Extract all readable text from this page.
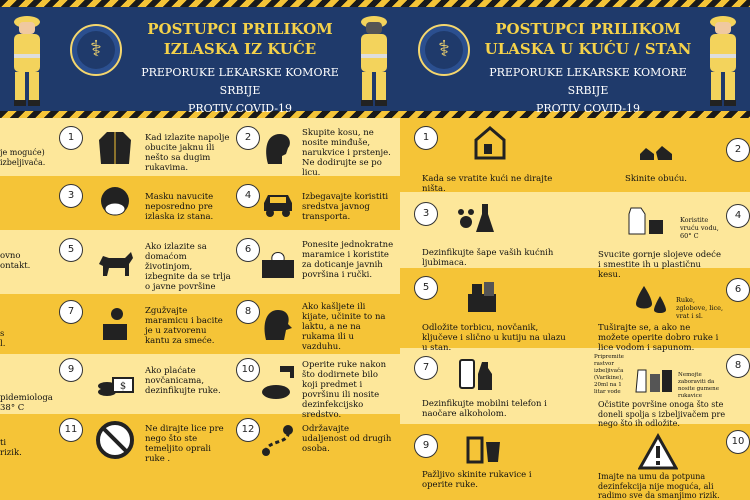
⚕
⚕
POSTUPCI PRILIKOM
IZLASKA IZ KUĆE
PREPORUKE LEKARSKE KOMORE SRBIJE
PROTIV COVID-19
POSTUPCI PRILIKOM
ULASKA U KUĆU / STAN
PREPORUKE LEKARSKE KOMORE SRBIJE
PROTIV COVID-19
je moguće)
izbeljivača.
ovno
ontakt.
s
l.
pidemiologa
38° C
ti
rizik.
1
3
5
7
9
11
$
Kad izlazite napolje obucite jaknu ili nešto sa dugim rukavima.
Masku navucite neposredno pre izlaska iz stana.
Ako izlazite sa domaćom životinjom, izbegnite da se trlja o javne površine
Zgužvajte maramicu i bacite je u zatvorenu kantu za smeće.
Ako plaćate novčanicama, dezinfikujte ruke.
Ne dirajte lice pre nego što ste temeljito oprali ruke .
2
4
6
8
10
12
Skupite kosu, ne nosite minđuše, narukvice i prstenje. Ne dodirujte se po licu.
Izbegavajte koristiti sredstva javnog transporta.
Ponesite jednokratne maramice i koristite za doticanje javnih površina i ručki.
Ako kašljete ili kijate, učinite to na laktu, a ne na rukama ili u vazduhu.
Operite ruke nakon što dodirnete bilo koji predmet i površinu ili nosite dezinfekcijsko sredstvo.
Održavajte udaljenost od drugih osoba.
1
3
5
7
9
2
4
6
8
10
Kada se vratite kući ne dirajte ništa.
Skinite obuću.
Dezinfikujte šape vaših kućnih ljubimaca.
Svucite gornje slojeve odeće i smestite ih u plastičnu kesu.
Koristite vruću vodu, 60° C
Odložite torbicu, novčanik, ključeve i slično u kutiju na ulazu u stan.
Tuširajte se, a ako ne možete operite dobro ruke i lice vodom i sapunom.
Ruke, zglobove, lice, vrat i sl.
Dezinfikujte mobilni telefon i naočare alkoholom.
Očistite površine onoga što ste doneli spolja s izbeljivačem pre nego što ih odložite.
Pripremite rastvor izbeljivača (Varikine), 20ml na 1 litar vode
Nemojte zaboraviti da nosite gumene rukavice
Pažljivo skinite rukavice i operite ruke.
Imajte na umu da potpuna dezinfekcija nije moguća, ali radimo sve da smanjimo rizik.
